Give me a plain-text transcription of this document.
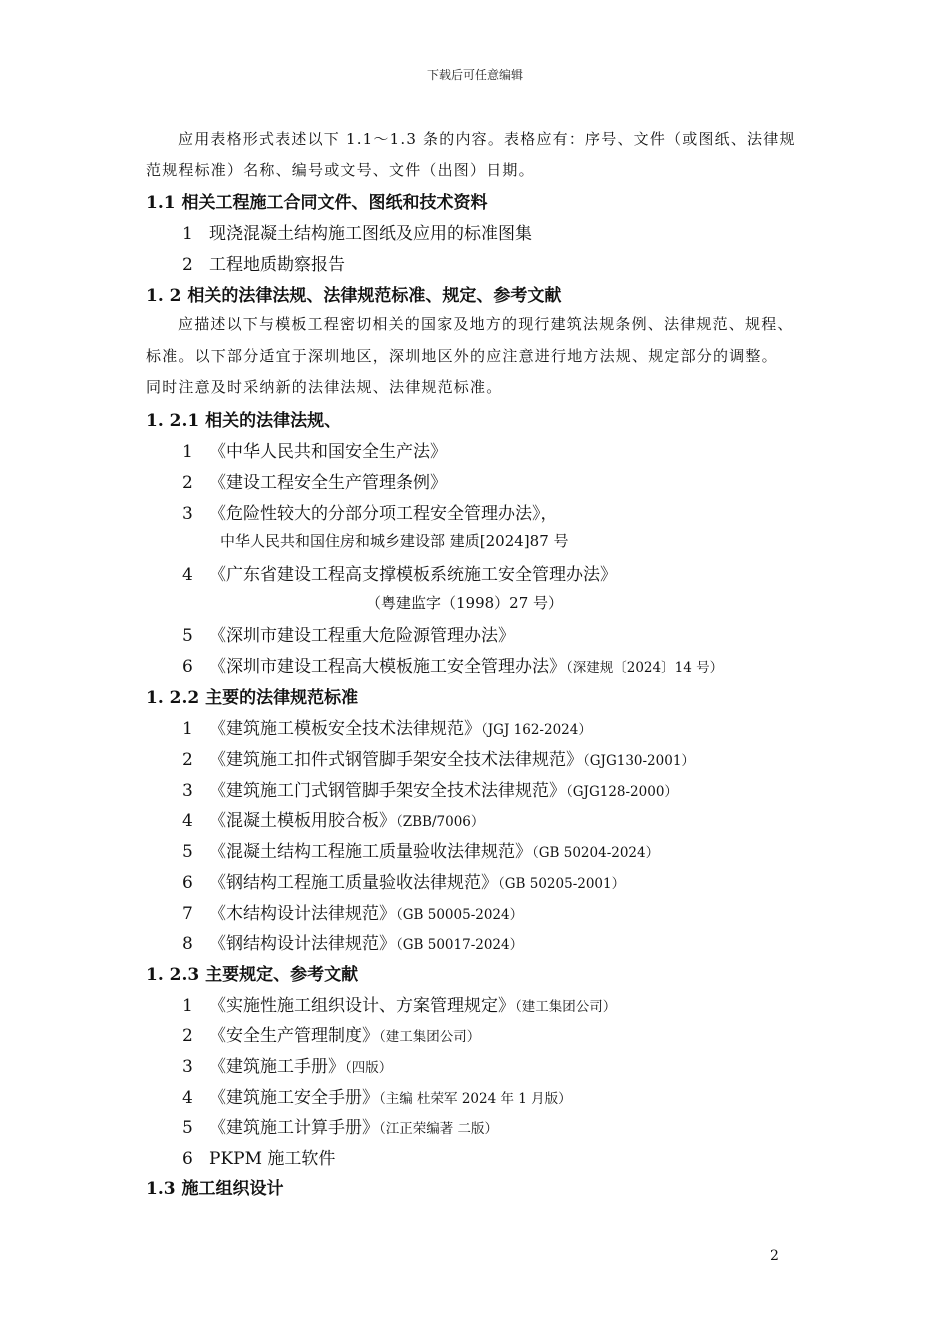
下载后可任意编辑
应用表格形式表述以下 1.1～1.3 条的内容。表格应有：序号、文件（或图纸、法律规
范规程标准）名称、编号或文号、文件（出图）日期。
1.1 相关工程施工合同文件、图纸和技术资料
1 现浇混凝土结构施工图纸及应用的标准图集
2 工程地质勘察报告
1. 2 相关的法律法规、法律规范标准、规定、参考文献
应描述以下与模板工程密切相关的国家及地方的现行建筑法规条例、法律规范、规程、
标准。以下部分适宜于深圳地区，深圳地区外的应注意进行地方法规、规定部分的调整。
同时注意及时采纳新的法律法规、法律规范标准。
1. 2.1 相关的法律法规、
1 《中华人民共和国安全生产法》
2 《建设工程安全生产管理条例》
3 《危险性较大的分部分项工程安全管理办法》，
中华人民共和国住房和城乡建设部 建质[2024]87 号
4 《广东省建设工程高支撑模板系统施工安全管理办法》
（粤建监字（1998）27 号）
5 《深圳市建设工程重大危险源管理办法》
6 《深圳市建设工程高大模板施工安全管理办法》（深建规〔2024〕14 号）
1. 2.2 主要的法律规范标准
1 《建筑施工模板安全技术法律规范》（JGJ 162-2024）
2 《建筑施工扣件式钢管脚手架安全技术法律规范》（GJG130-2001）
3 《建筑施工门式钢管脚手架安全技术法律规范》（GJG128-2000）
4 《混凝土模板用胶合板》（ZBB/7006）
5 《混凝土结构工程施工质量验收法律规范》（GB 50204-2024）
6 《钢结构工程施工质量验收法律规范》（GB 50205-2001）
7 《木结构设计法律规范》（GB 50005-2024）
8 《钢结构设计法律规范》（GB 50017-2024）
1. 2.3 主要规定、参考文献
1 《实施性施工组织设计、方案管理规定》（建工集团公司）
2 《安全生产管理制度》（建工集团公司）
3 《建筑施工手册》（四版）
4 《建筑施工安全手册》（主编 杜荣军 2024 年 1 月版）
5 《建筑施工计算手册》（江正荣编著 二版）
6 PKPM 施工软件
1.3 施工组织设计
2
